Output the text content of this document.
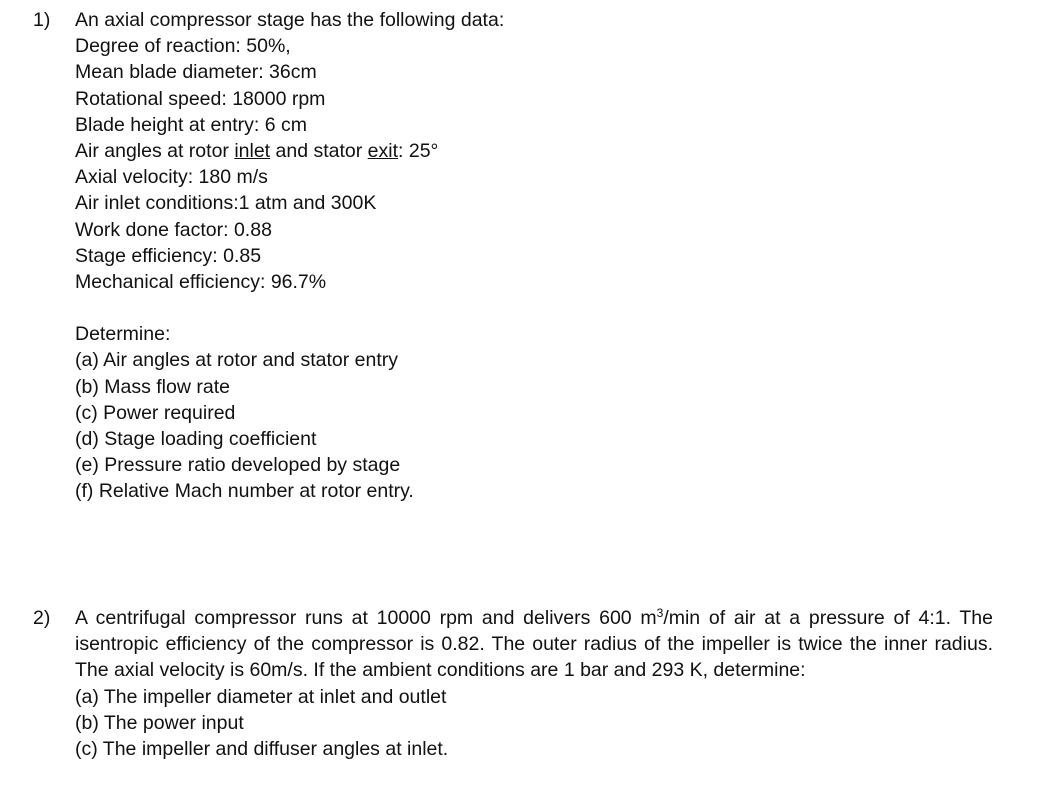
1) An axial compressor stage has the following data:
Degree of reaction: 50%,
Mean blade diameter: 36cm
Rotational speed: 18000 rpm
Blade height at entry: 6 cm
Air angles at rotor inlet and stator exit: 25°
Axial velocity: 180 m/s
Air inlet conditions:1 atm and 300K
Work done factor: 0.88
Stage efficiency: 0.85
Mechanical efficiency: 96.7%
Determine:
(a) Air angles at rotor and stator entry
(b) Mass flow rate
(c) Power required
(d) Stage loading coefficient
(e) Pressure ratio developed by stage
(f) Relative Mach number at rotor entry.
2) A centrifugal compressor runs at 10000 rpm and delivers 600 $m^3/\min$ of air at a pressure of 4:1. The isentropic efficiency of the compressor is 0.82. The outer radius of the impeller is twice the inner radius. The axial velocity is 60m/s. If the ambient conditions are 1 bar and 293 K, determine:
(a) The impeller diameter at inlet and outlet
(b) The power input
(c) The impeller and diffuser angles at inlet.
